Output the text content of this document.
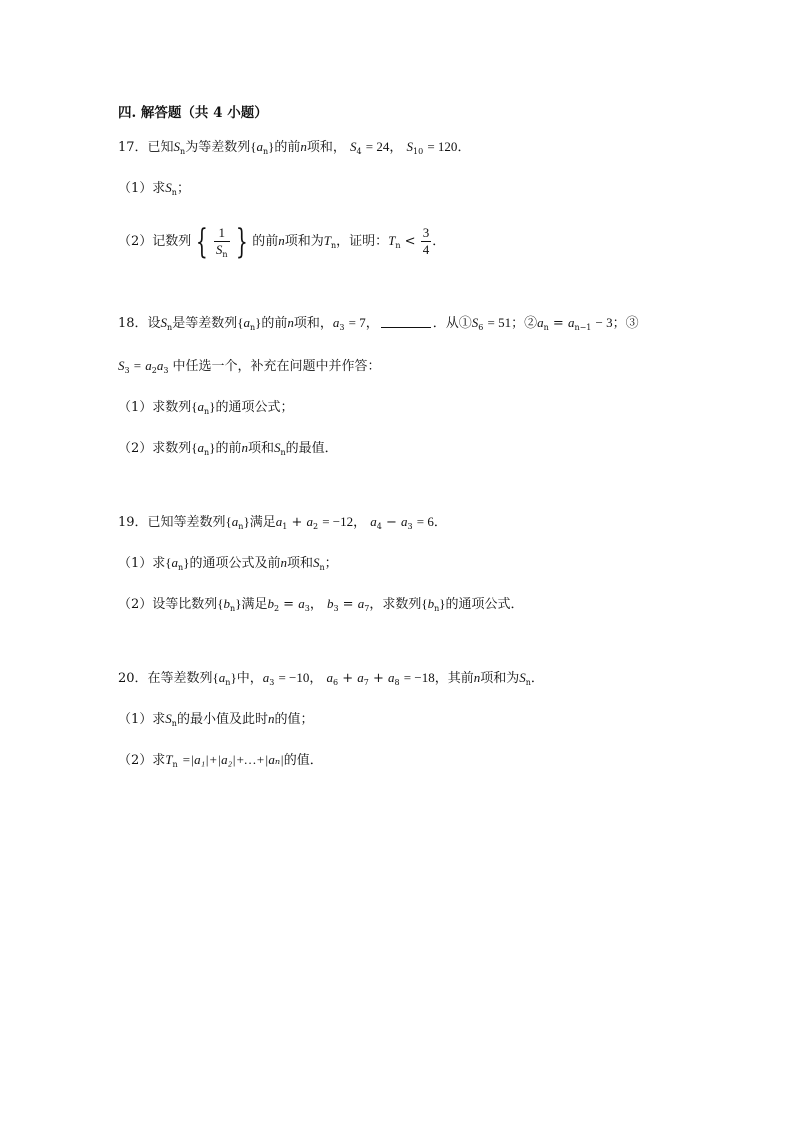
四. 解答题（共 4 小题）
17．已知$S_n$为等差数列$\{a_n\}$的前n项和， $S_4 = 24$， $S_{10} = 120$．
（1）求$S_n$；
（2）记数列 { $\frac{1}{S_n}$ } 的前n项和为$T_n$，证明：$T_n < \frac{3}{4}$ ．
18．设$S_n$是等差数列$\{a_n\}$的前n项和，$a_3 = 7$，	．从$①S_6 = 51$；$②a_n = a_{n-1} - 3$；③
$S_3 = a_2a_3$ 中任选一个，补充在问题中并作答：
（1）求数列$\{a_n\}$的通项公式；
（2）求数列$\{a_n\}$的前n项和$S_n$的最值．
19．已知等差数列$\{a_n\}$满足$a_1 + a_2 = -12$， $a_4 - a_3 = 6$．
（1）求$\{a_n\}$的通项公式及前n项和$S_n$；
（2）设等比数列$\{b_n\}$满足$b_2 = a_3$， $b_3 = a_7$，求数列$\{b_n\}$的通项公式．
20．在等差数列$\{a_n\}$中，$a_3 = -10$， $a_6 + a_7 + a_8 = -18$，其前n项和为$S_n$．
（1）求$S_n$的最小值及此时n的值；
（2）求$T_n$ =|a₁|+|a₂|+…+|aₙ|的值．
